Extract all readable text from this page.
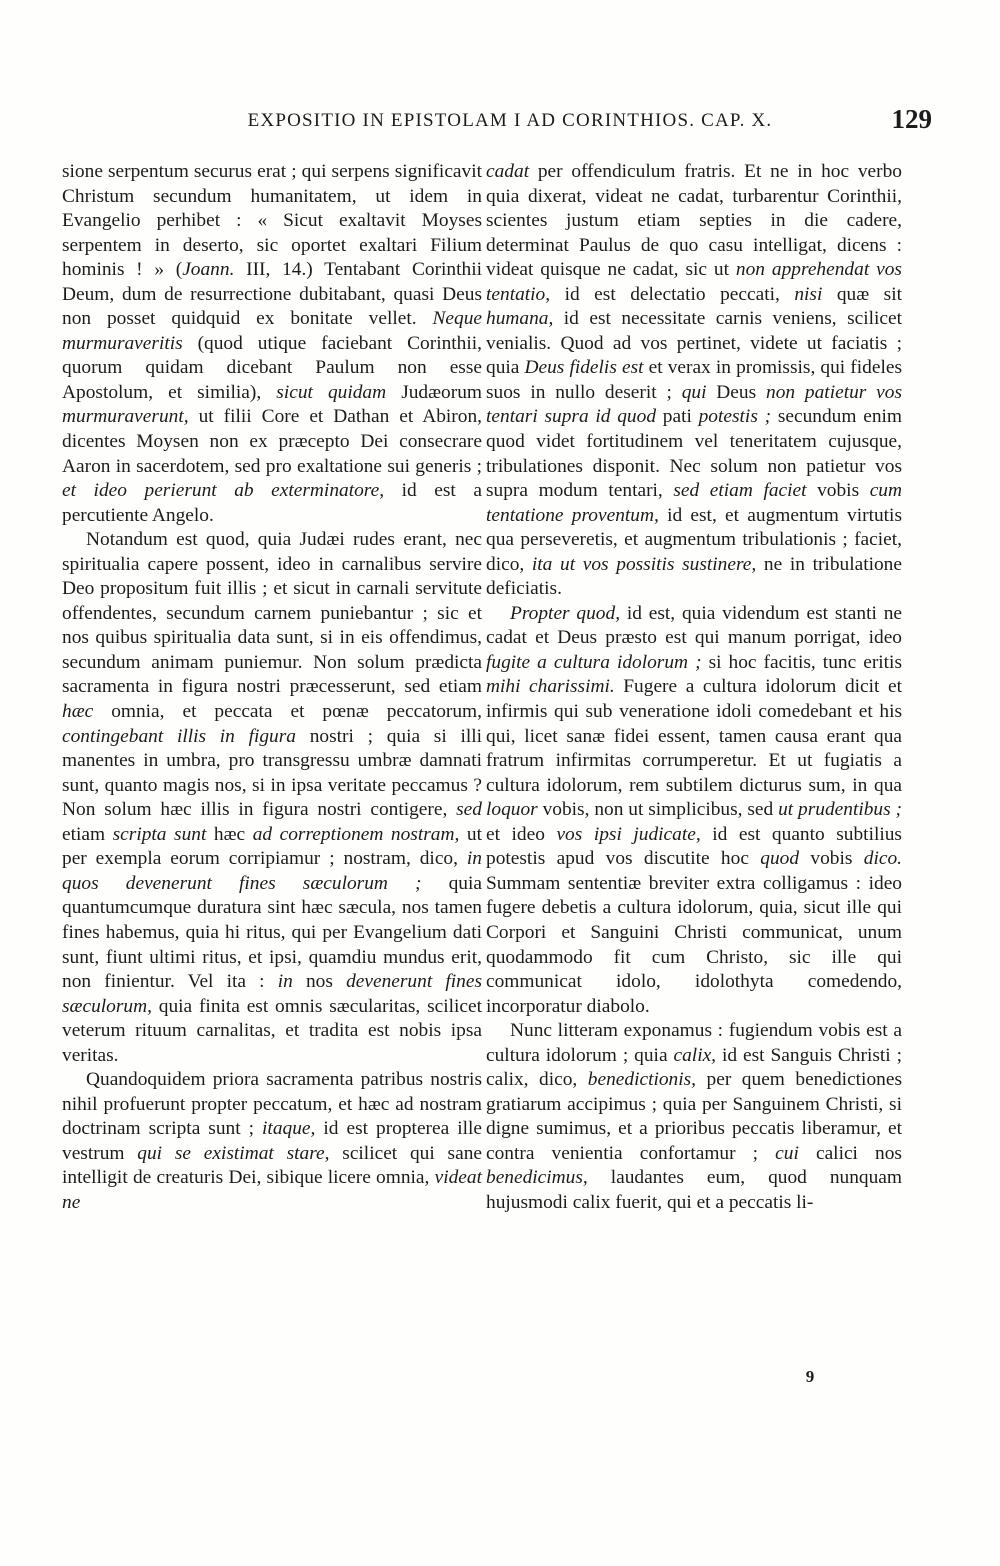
EXPOSITIO IN EPISTOLAM I AD CORINTHIOS. CAP. X.	129

sione serpentum securus erat ; qui serpens significavit Christum secundum humanitatem, ut idem in Evangelio perhibet : « Sicut exaltavit Moyses serpentem in deserto, sic oportet exaltari Filium hominis ! » (Joann. III, 14.) Tentabant Corinthii Deum, dum de resurrectione dubitabant, quasi Deus non posset quidquid ex bonitate vellet. Neque murmuraveritis (quod utique faciebant Corinthii, quorum quidam dicebant Paulum non esse Apostolum, et similia), sicut quidam Judæorum murmuraverunt, ut filii Core et Dathan et Abiron, dicentes Moysen non ex præcepto Dei consecrare Aaron in sacerdotem, sed pro exaltatione sui generis ; et ideo perierunt ab exterminatore, id est a percutiente Angelo.

Notandum est quod, quia Judæi rudes erant, nec spiritualia capere possent, ideo in carnalibus servire Deo propositum fuit illis ; et sicut in carnali servitute offendentes, secundum carnem puniebantur ; sic et nos quibus spiritualia data sunt, si in eis offendimus, secundum animam puniemur. Non solum prædicta sacramenta in figura nostri præcesserunt, sed etiam hæc omnia, et peccata et pœnæ peccatorum, contingebant illis in figura nostri ; quia si illi manentes in umbra, pro transgressu umbræ damnati sunt, quanto magis nos, si in ipsa veritate peccamus ? Non solum hæc illis in figura nostri contigere, sed etiam scripta sunt hæc ad correptionem nostram, ut per exempla eorum corripiamur ; nostram, dico, in quos devenerunt fines sæculorum ; quia quantumcumque duratura sint hæc sæcula, nos tamen fines habemus, quia hi ritus, qui per Evangelium dati sunt, fiunt ultimi ritus, et ipsi, quamdiu mundus erit, non finientur. Vel ita : in nos devenerunt fines sæculorum, quia finita est omnis sæcularitas, scilicet veterum rituum carnalitas, et tradita est nobis ipsa veritas.

Quandoquidem priora sacramenta patribus nostris nihil profuerunt propter peccatum, et hæc ad nostram doctrinam scripta sunt ; itaque, id est propterea ille vestrum qui se existimat stare, scilicet qui sane intelligit de creaturis Dei, sibique licere omnia, videat ne

cadat per offendiculum fratris. Et ne in hoc verbo quia dixerat, videat ne cadat, turbarentur Corinthii, scientes justum etiam septies in die cadere, determinat Paulus de quo casu intelligat, dicens : videat quisque ne cadat, sic ut non apprehendat vos tentatio, id est delectatio peccati, nisi quæ sit humana, id est necessitate carnis veniens, scilicet venialis. Quod ad vos pertinet, videte ut faciatis ; quia Deus fidelis est et verax in promissis, qui fideles suos in nullo deserit ; qui Deus non patietur vos tentari supra id quod pati potestis ; secundum enim quod videt fortitudinem vel teneritatem cujusque, tribulationes disponit. Nec solum non patietur vos supra modum tentari, sed etiam faciet vobis cum tentatione proventum, id est, et augmentum virtutis qua perseveretis, et augmentum tribulationis ; faciet, dico, ita ut vos possitis sustinere, ne in tribulatione deficiatis.

Propter quod, id est, quia videndum est stanti ne cadat et Deus præsto est qui manum porrigat, ideo fugite a cultura idolorum ; si hoc facitis, tunc eritis mihi charissimi. Fugere a cultura idolorum dicit et infirmis qui sub veneratione idoli comedebant et his qui, licet sanæ fidei essent, tamen causa erant qua fratrum infirmitas corrumperetur. Et ut fugiatis a cultura idolorum, rem subtilem dicturus sum, in qua loquor vobis, non ut simplicibus, sed ut prudentibus ; et ideo vos ipsi judicate, id est quanto subtilius potestis apud vos discutite hoc quod vobis dico. Summam sententiæ breviter extra colligamus : ideo fugere debetis a cultura idolorum, quia, sicut ille qui Corpori et Sanguini Christi communicat, unum quodammodo fit cum Christo, sic ille qui communicat idolo, idolothyta comedendo, incorporatur diabolo.

Nunc litteram exponamus : fugiendum vobis est a cultura idolorum ; quia calix, id est Sanguis Christi ; calix, dico, benedictionis, per quem benedictiones gratiarum accipimus ; quia per Sanguinem Christi, si digne sumimus, et a prioribus peccatis liberamur, et contra venientia confortamur ; cui calici nos benedicimus, laudantes eum, quod nunquam hujusmodi calix fuerit, qui et a peccatis li-

9
